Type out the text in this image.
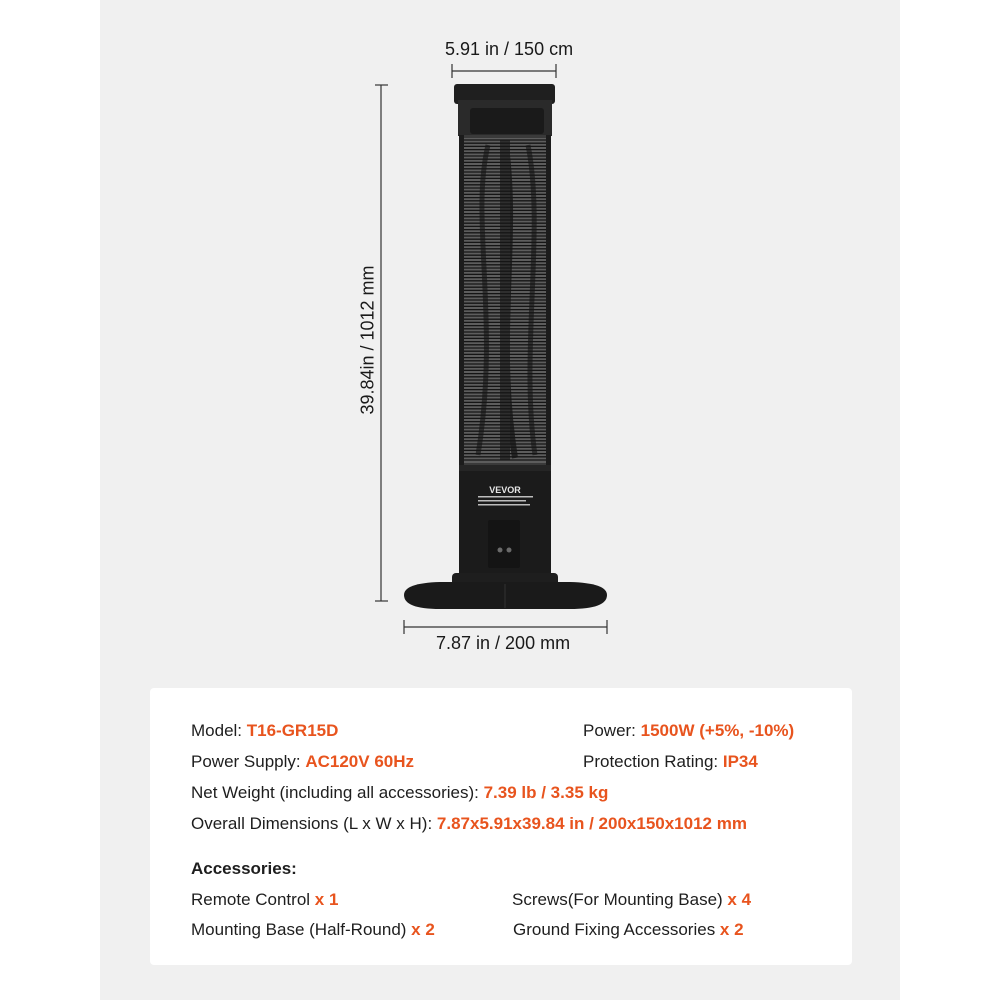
VEVOR
5.91 in / 150 cm
39.84in / 1012 mm
7.87 in / 200 mm
Model: T16-GR15D	Power: 1500W (+5%, -10%)
Power Supply: AC120V 60Hz	Protection Rating: IP34
Net Weight (including all accessories): 7.39 lb / 3.35 kg
Overall Dimensions (L x W x H): 7.87x5.91x39.84 in / 200x150x1012 mm
Accessories:
Remote Control x 1	Screws(For Mounting Base) x 4
Mounting Base (Half-Round) x 2	Ground Fixing Accessories x 2
